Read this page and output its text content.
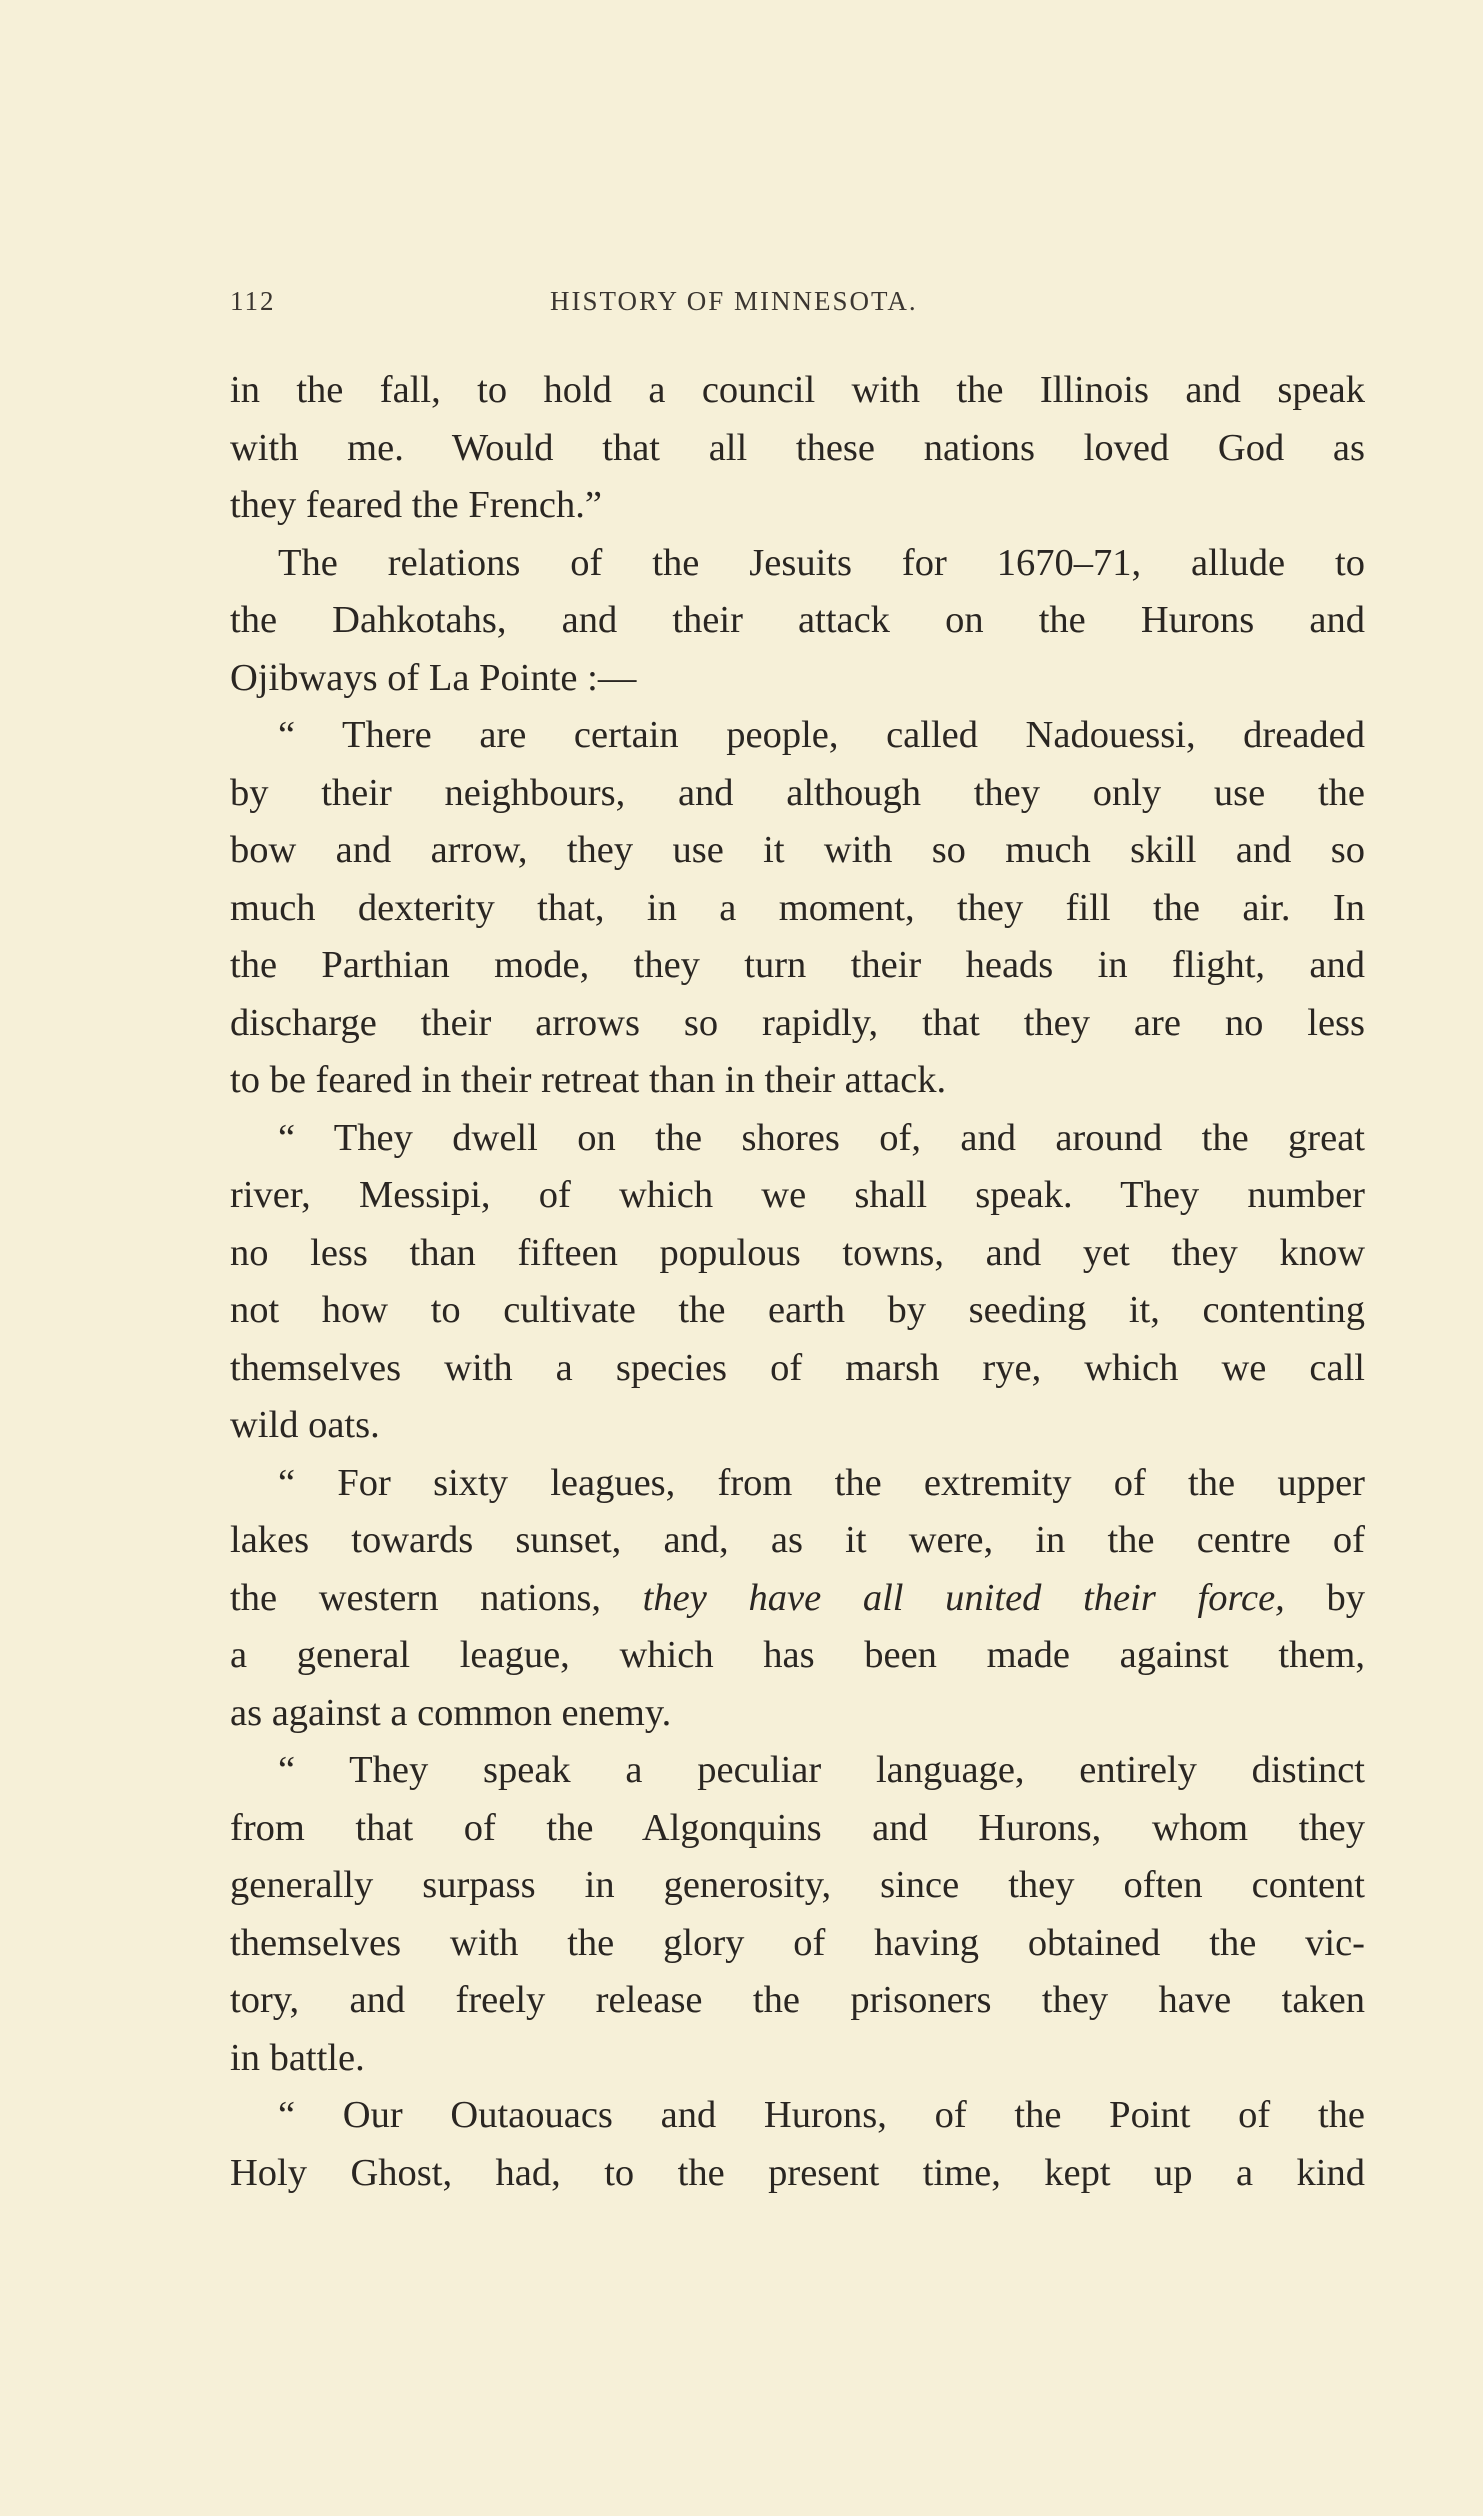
112	HISTORY OF MINNESOTA.
in the fall, to hold a council with the Illinois and speak
with me. Would that all these nations loved God as
they feared the French.”
The relations of the Jesuits for 1670–71, allude to
the Dahkotahs, and their attack on the Hurons and
Ojibways of La Pointe :—
“ There are certain people, called Nadouessi, dreaded
by their neighbours, and although they only use the
bow and arrow, they use it with so much skill and so
much dexterity that, in a moment, they fill the air. In
the Parthian mode, they turn their heads in flight, and
discharge their arrows so rapidly, that they are no less
to be feared in their retreat than in their attack.
“ They dwell on the shores of, and around the great
river, Messipi, of which we shall speak. They number
no less than fifteen populous towns, and yet they know
not how to cultivate the earth by seeding it, contenting
themselves with a species of marsh rye, which we call
wild oats.
“ For sixty leagues, from the extremity of the upper
lakes towards sunset, and, as it were, in the centre of
the western nations, they have all united their force, by
a general league, which has been made against them,
as against a common enemy.
“ They speak a peculiar language, entirely distinct
from that of the Algonquins and Hurons, whom they
generally surpass in generosity, since they often content
themselves with the glory of having obtained the vic-
tory, and freely release the prisoners they have taken
in battle.
“ Our Outaouacs and Hurons, of the Point of the
Holy Ghost, had, to the present time, kept up a kind
